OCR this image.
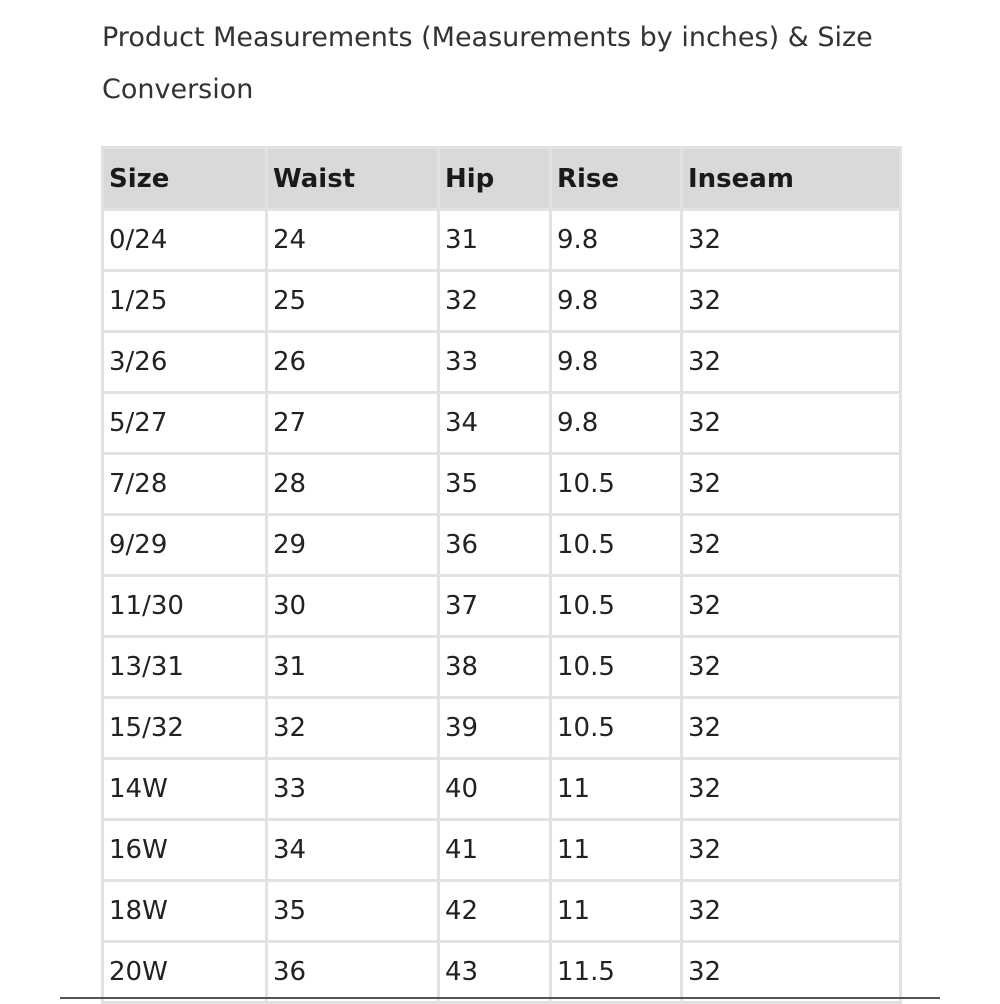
Product Measurements (Measurements by inches) & Size Conversion
Size	Waist	Hip	Rise	Inseam
0/24	24	31	9.8	32
1/25	25	32	9.8	32
3/26	26	33	9.8	32
5/27	27	34	9.8	32
7/28	28	35	10.5	32
9/29	29	36	10.5	32
11/30	30	37	10.5	32
13/31	31	38	10.5	32
15/32	32	39	10.5	32
14W	33	40	11	32
16W	34	41	11	32
18W	35	42	11	32
20W	36	43	11.5	32
